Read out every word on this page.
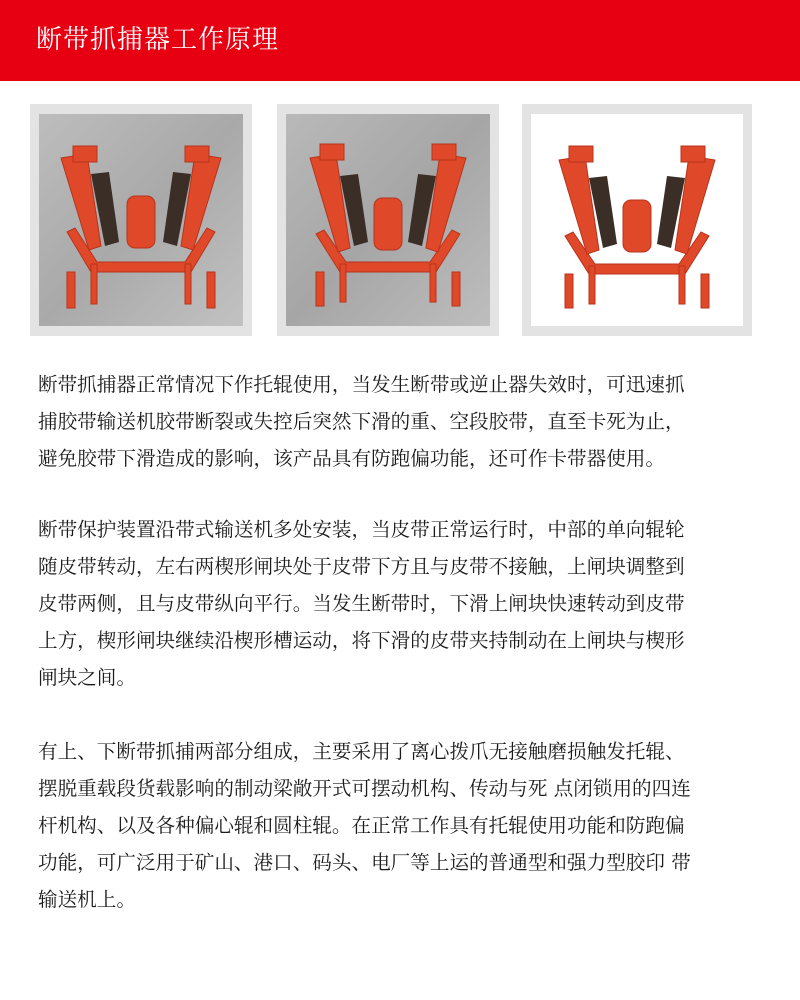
断带抓捕器工作原理

断带抓捕器正常情况下作托辊使用，当发生断带或逆止器失效时，可迅速抓
捕胶带输送机胶带断裂或失控后突然下滑的重、空段胶带，直至卡死为止，
避免胶带下滑造成的影响，该产品具有防跑偏功能，还可作卡带器使用。

断带保护装置沿带式输送机多处安装，当皮带正常运行时，中部的单向辊轮
随皮带转动，左右两楔形闸块处于皮带下方且与皮带不接触，上闸块调整到
皮带两侧，且与皮带纵向平行。当发生断带时，下滑上闸块快速转动到皮带
上方，楔形闸块继续沿楔形槽运动，将下滑的皮带夹持制动在上闸块与楔形
闸块之间。

有上、下断带抓捕两部分组成，主要采用了离心拨爪无接触磨损触发托辊、
摆脱重载段货载影响的制动梁敞开式可摆动机构、传动与死 点闭锁用的四连
杆机构、以及各种偏心辊和圆柱辊。在正常工作具有托辊使用功能和防跑偏
功能，可广泛用于矿山、港口、码头、电厂等上运的普通型和强力型胶印 带
输送机上。
